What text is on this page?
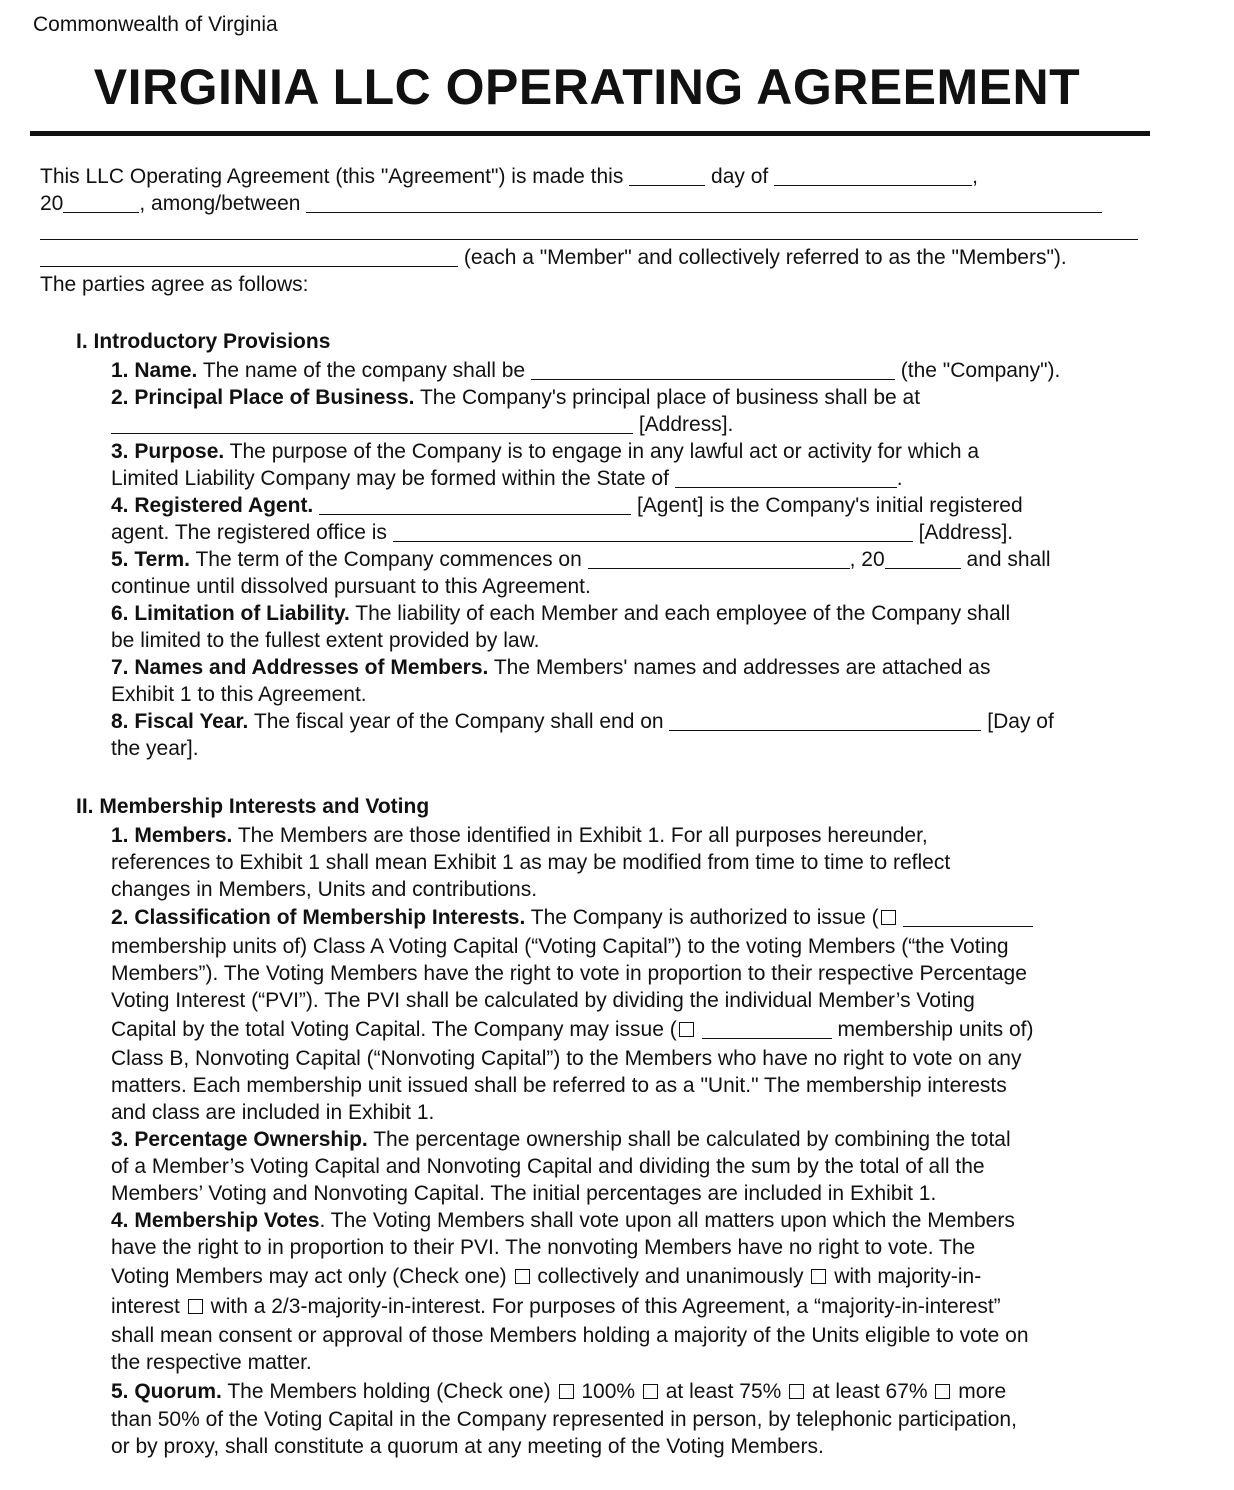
Commonwealth of Virginia
VIRGINIA LLC OPERATING AGREEMENT
This LLC Operating Agreement (this "Agreement") is made this	day of	,
20	, among/between
(each a "Member" and collectively referred to as the "Members").
The parties agree as follows:
I. Introductory Provisions
1. Name. The name of the company shall be	(the "Company").
2. Principal Place of Business. The Company's principal place of business shall be at
[Address].
3. Purpose. The purpose of the Company is to engage in any lawful act or activity for which a
Limited Liability Company may be formed within the State of	.
4. Registered Agent.	[Agent] is the Company's initial registered
agent. The registered office is	[Address].
5. Term. The term of the Company commences on	, 20	and shall
continue until dissolved pursuant to this Agreement.
6. Limitation of Liability. The liability of each Member and each employee of the Company shall
be limited to the fullest extent provided by law.
7. Names and Addresses of Members. The Members' names and addresses are attached as
Exhibit 1 to this Agreement.
8. Fiscal Year. The fiscal year of the Company shall end on	[Day of
the year].
II. Membership Interests and Voting
1. Members. The Members are those identified in Exhibit 1. For all purposes hereunder,
references to Exhibit 1 shall mean Exhibit 1 as may be modified from time to time to reflect
changes in Members, Units and contributions.
2. Classification of Membership Interests. The Company is authorized to issue (
membership units of) Class A Voting Capital (“Voting Capital”) to the voting Members (“the Voting
Members”). The Voting Members have the right to vote in proportion to their respective Percentage
Voting Interest (“PVI”). The PVI shall be calculated by dividing the individual Member’s Voting
Capital by the total Voting Capital. The Company may issue (	membership units of)
Class B, Nonvoting Capital (“Nonvoting Capital”) to the Members who have no right to vote on any
matters. Each membership unit issued shall be referred to as a "Unit." The membership interests
and class are included in Exhibit 1.
3. Percentage Ownership. The percentage ownership shall be calculated by combining the total
of a Member’s Voting Capital and Nonvoting Capital and dividing the sum by the total of all the
Members’ Voting and Nonvoting Capital. The initial percentages are included in Exhibit 1.
4. Membership Votes. The Voting Members shall vote upon all matters upon which the Members
have the right to in proportion to their PVI. The nonvoting Members have no right to vote. The
Voting Members may act only (Check one) collectively and unanimously with majority-in-
interest with a 2/3-majority-in-interest. For purposes of this Agreement, a “majority-in-interest”
shall mean consent or approval of those Members holding a majority of the Units eligible to vote on
the respective matter.
5. Quorum. The Members holding (Check one) 100% at least 75% at least 67% more
than 50% of the Voting Capital in the Company represented in person, by telephonic participation,
or by proxy, shall constitute a quorum at any meeting of the Voting Members.
